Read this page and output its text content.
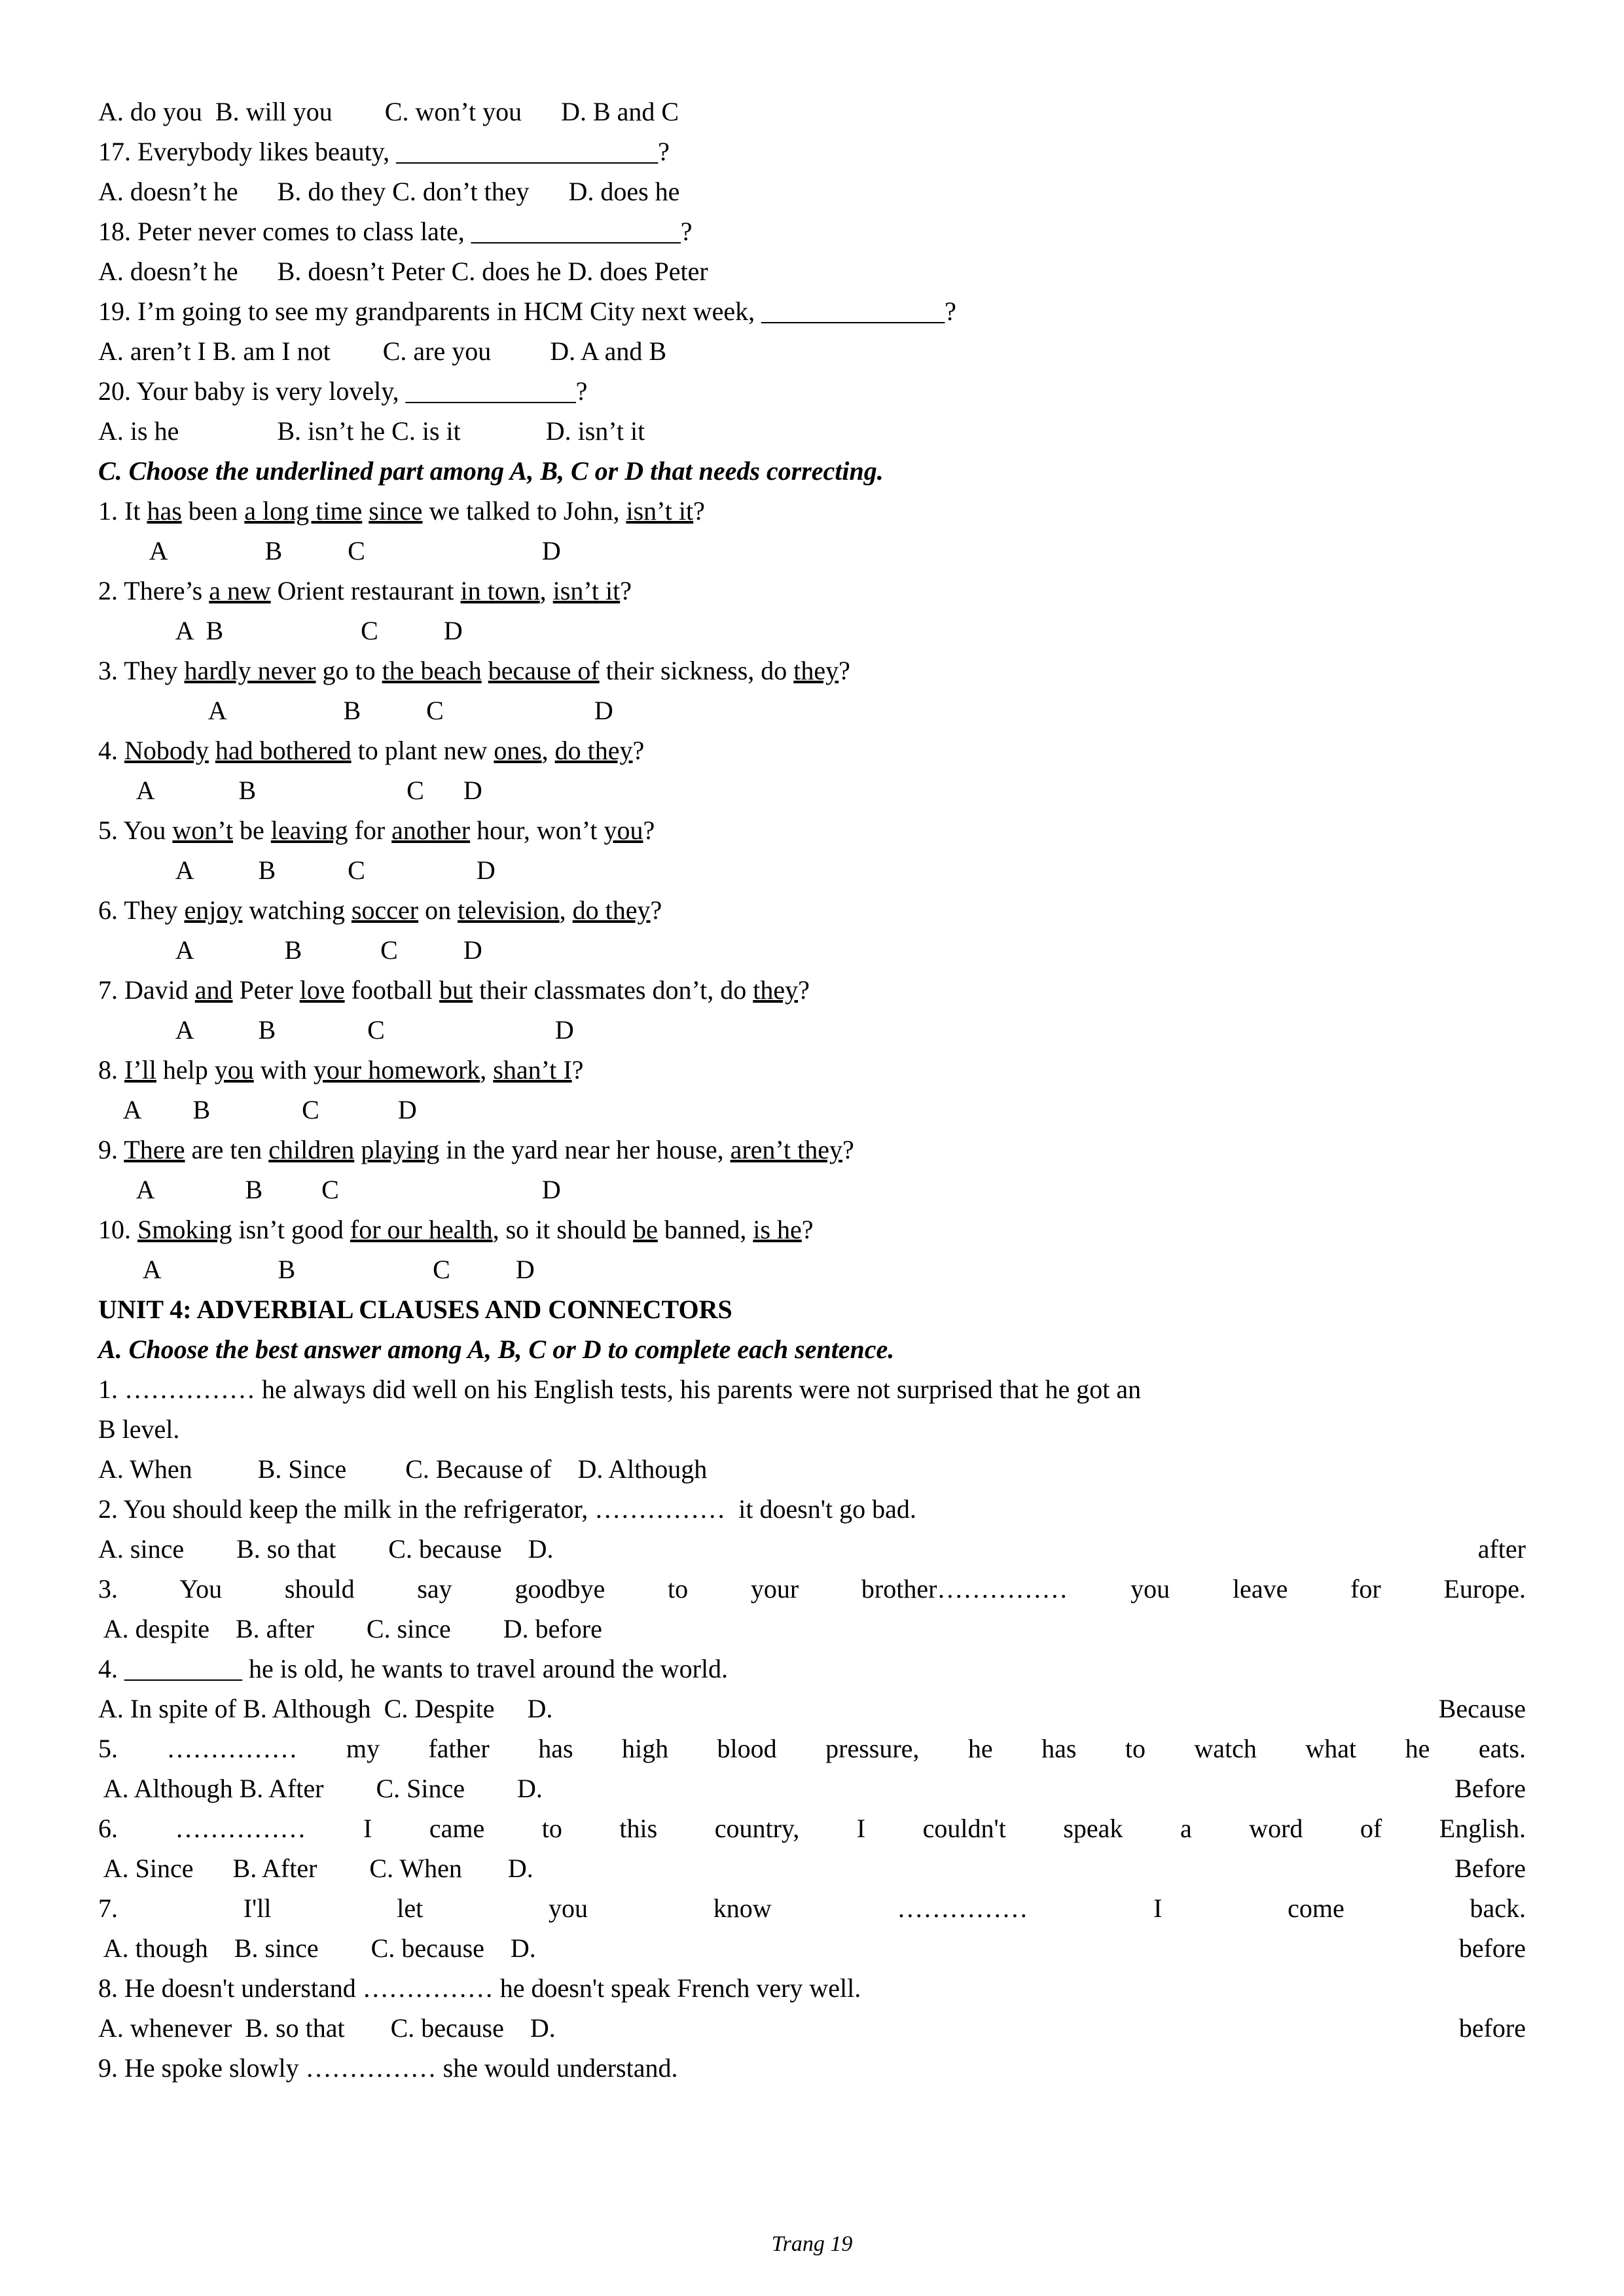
A. do you  B. will you        C. won’t you      D. B and C
17. Everybody likes beauty, ____________________?
A. doesn’t he      B. do they C. don’t they      D. does he
18. Peter never comes to class late, ________________?
A. doesn’t he      B. doesn’t Peter C. does he D. does Peter
19. I’m going to see my grandparents in HCM City next week, ______________?
A. aren’t I B. am I not        C. are you         D. A and B
20. Your baby is very lovely, _____________?
A. is he               B. isn’t he C. is it             D. isn’t it
C. Choose the underlined part among A, B, C or D that needs correcting.
1. It has been a long time since we talked to John, isn’t it?
A               B          C                           D
2. There’s a new Orient restaurant in town, isn’t it?
A  B                     C          D
3. They hardly never go to the beach because of their sickness, do they?
A                  B          C                       D
4. Nobody had bothered to plant new ones, do they?
A             B                       C      D
5. You won’t be leaving for another hour, won’t you?
A          B           C                 D
6. They enjoy watching soccer on television, do they?
A              B            C          D
7. David and Peter love football but their classmates don’t, do they?
A          B              C                          D
8. I’ll help you with your homework, shan’t I?
A        B              C            D
9. There are ten children playing in the yard near her house, aren’t they?
A              B         C                               D
10. Smoking isn’t good for our health, so it should be banned, is he?
A                  B                     C          D
UNIT 4: ADVERBIAL CLAUSES AND CONNECTORS
A. Choose the best answer among A, B, C or D to complete each sentence.
1. …………… he always did well on his English tests, his parents were not surprised that he got an
B level.
A. When          B. Since         C. Because of    D. Although
2. You should keep the milk in the refrigerator, ……………  it doesn't go bad.
A. since        B. so that        C. because    D.	after
3. You should say goodbye to your brother…………… you leave for Europe.
A. despite    B. after        C. since        D. before
4. _________ he is old, he wants to travel around the world.
A. In spite of B. Although  C. Despite     D.	Because
5. …………… my father has high blood pressure, he has to watch what he eats.
A. Although B. After        C. Since        D.	Before
6. …………… I came to this country, I couldn't speak a word of English.
A. Since      B. After        C. When       D.	Before
7. I'll let you know …………… I come back.
A. though    B. since        C. because    D.	before
8. He doesn't understand …………… he doesn't speak French very well.
A. whenever  B. so that       C. because    D.	before
9. He spoke slowly …………… she would understand.
Trang 19
